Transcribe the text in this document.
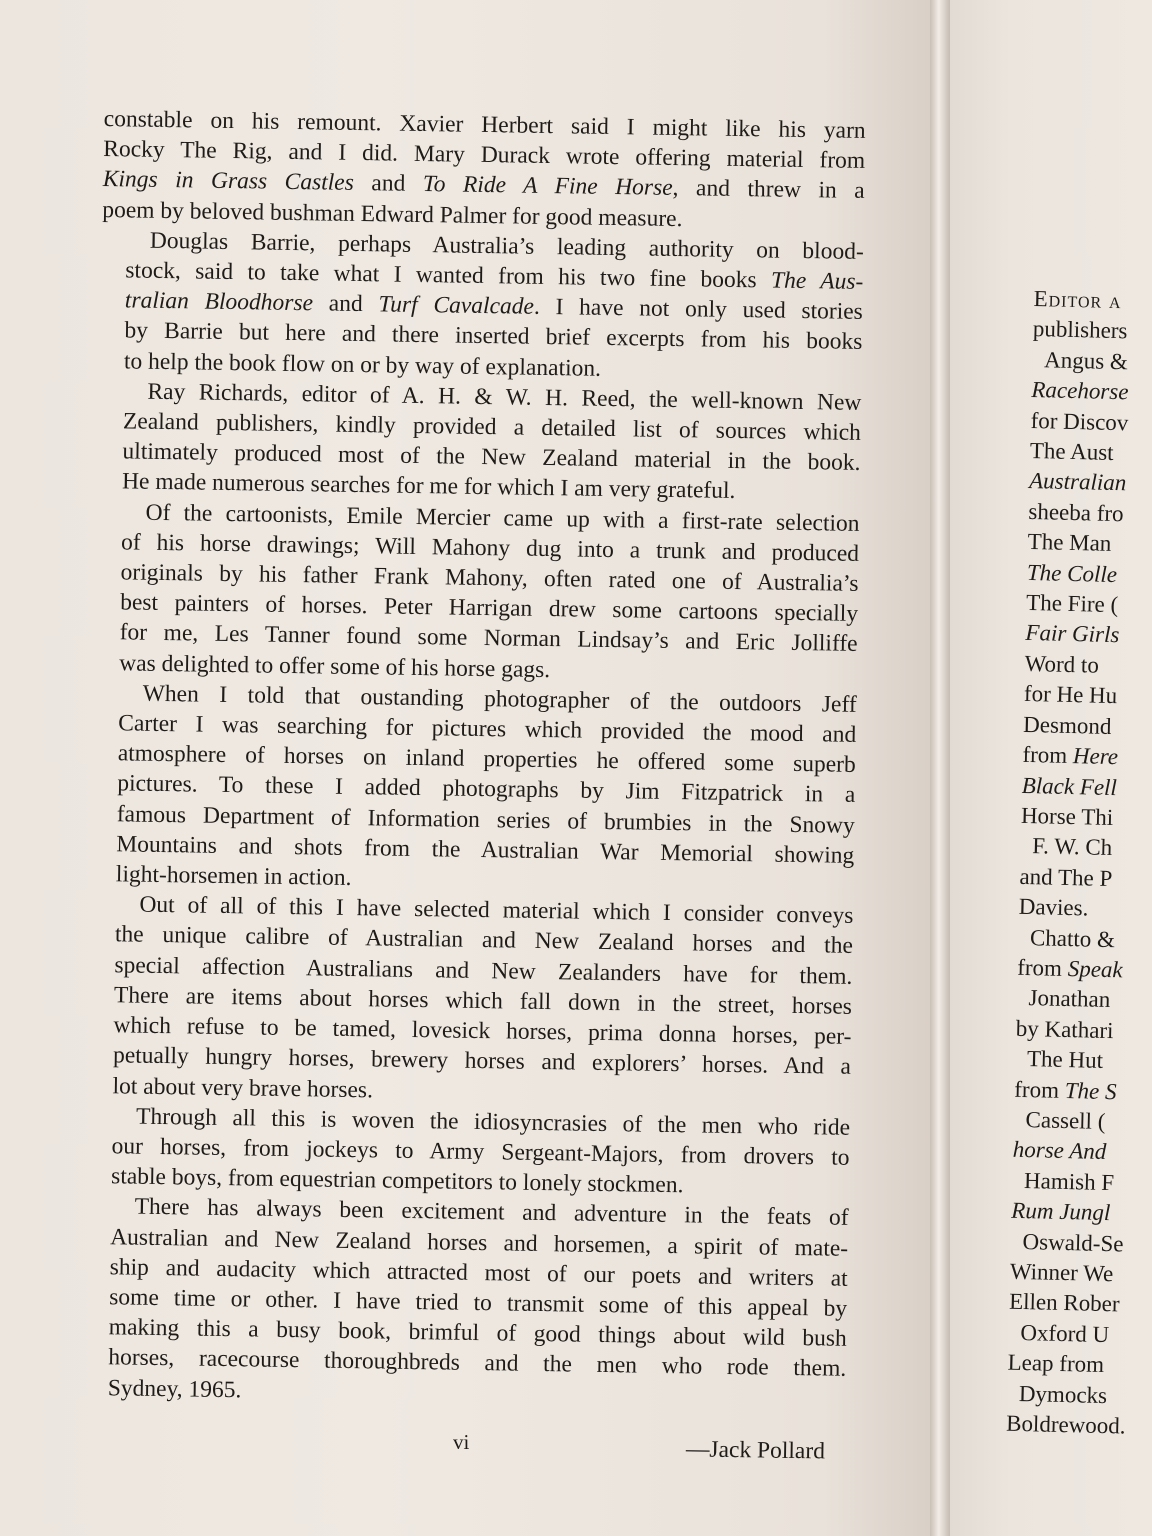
constable on his remount. Xavier Herbert said I might like his yarn
Rocky The Rig, and I did. Mary Durack wrote offering material from
Kings in Grass Castles and To Ride A Fine Horse, and threw in a
poem by beloved bushman Edward Palmer for good measure.

Douglas Barrie, perhaps Australia’s leading authority on blood-
stock, said to take what I wanted from his two fine books The Aus-
tralian Bloodhorse and Turf Cavalcade. I have not only used stories
by Barrie but here and there inserted brief excerpts from his books
to help the book flow on or by way of explanation.

Ray Richards, editor of A. H. & W. H. Reed, the well-known New
Zealand publishers, kindly provided a detailed list of sources which
ultimately produced most of the New Zealand material in the book.
He made numerous searches for me for which I am very grateful.

Of the cartoonists, Emile Mercier came up with a first-rate selection
of his horse drawings; Will Mahony dug into a trunk and produced
originals by his father Frank Mahony, often rated one of Australia’s
best painters of horses. Peter Harrigan drew some cartoons specially
for me, Les Tanner found some Norman Lindsay’s and Eric Jolliffe
was delighted to offer some of his horse gags.

When I told that oustanding photographer of the outdoors Jeff
Carter I was searching for pictures which provided the mood and
atmosphere of horses on inland properties he offered some superb
pictures. To these I added photographs by Jim Fitzpatrick in a
famous Department of Information series of brumbies in the Snowy
Mountains and shots from the Australian War Memorial showing
light-horsemen in action.

Out of all of this I have selected material which I consider conveys
the unique calibre of Australian and New Zealand horses and the
special affection Australians and New Zealanders have for them.
There are items about horses which fall down in the street, horses
which refuse to be tamed, lovesick horses, prima donna horses, per-
petually hungry horses, brewery horses and explorers’ horses. And a
lot about very brave horses.

Through all this is woven the idiosyncrasies of the men who ride
our horses, from jockeys to Army Sergeant-Majors, from drovers to
stable boys, from equestrian competitors to lonely stockmen.

There has always been excitement and adventure in the feats of
Australian and New Zealand horses and horsemen, a spirit of mate-
ship and audacity which attracted most of our poets and writers at
some time or other. I have tried to transmit some of this appeal by
making this a busy book, brimful of good things about wild bush
horses, racecourse thoroughbreds and the men who rode them.
Sydney, 1965.

—Jack Pollard
vi
Editor a
publishers
Angus &
Racehorse
for Discov
The Aust
Australian
sheeba fro
The Man
The Colle
The Fire (
Fair Girls
Word to
for He Hu
Desmond
from Here
Black Fell
Horse Thi
F. W. Ch
and The P
Davies.
Chatto &
from Speak
Jonathan
by Kathari
The Hut
from The S
Cassell (
horse And
Hamish F
Rum Jungl
Oswald-Se
Winner We
Ellen Rober
Oxford U
Leap from
Dymocks
Boldrewood.
